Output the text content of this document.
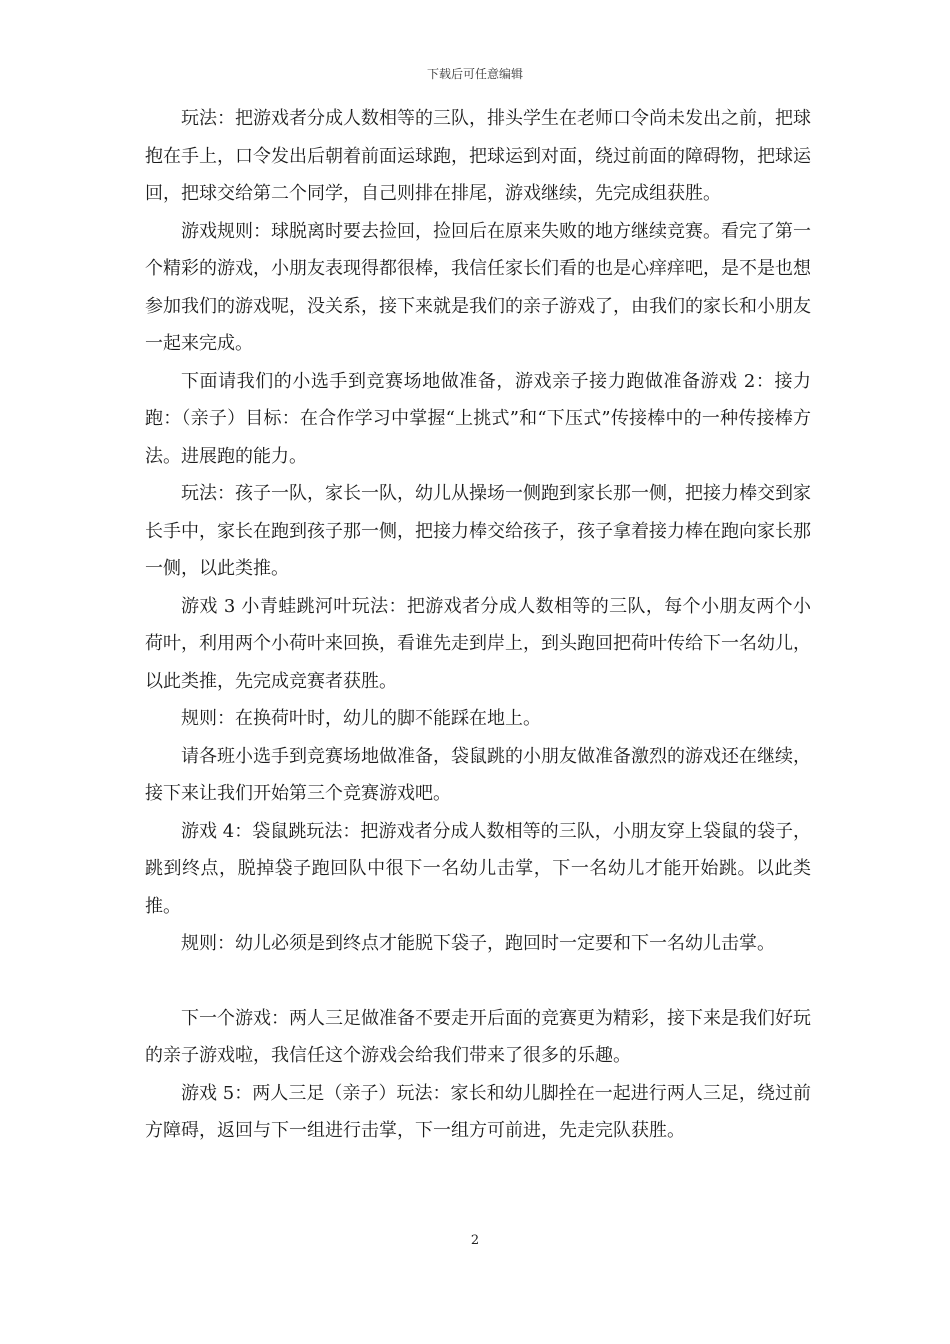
下载后可任意编辑

玩法：把游戏者分成人数相等的三队，排头学生在老师口令尚未发出之前，把球抱在手上，口令发出后朝着前面运球跑，把球运到对面，绕过前面的障碍物，把球运回，把球交给第二个同学，自己则排在排尾，游戏继续，先完成组获胜。

游戏规则：球脱离时要去捡回，捡回后在原来失败的地方继续竞赛。看完了第一个精彩的游戏，小朋友表现得都很棒，我信任家长们看的也是心痒痒吧，是不是也想参加我们的游戏呢，没关系，接下来就是我们的亲子游戏了，由我们的家长和小朋友一起来完成。

下面请我们的小选手到竞赛场地做准备，游戏亲子接力跑做准备游戏 2：接力跑：（亲子）目标：在合作学习中掌握“上挑式”和“下压式”传接棒中的一种传接棒方法。进展跑的能力。

玩法：孩子一队，家长一队，幼儿从操场一侧跑到家长那一侧，把接力棒交到家长手中，家长在跑到孩子那一侧，把接力棒交给孩子，孩子拿着接力棒在跑向家长那一侧，以此类推。

游戏 3 小青蛙跳河叶玩法：把游戏者分成人数相等的三队，每个小朋友两个小荷叶，利用两个小荷叶来回换，看谁先走到岸上，到头跑回把荷叶传给下一名幼儿，以此类推，先完成竞赛者获胜。

规则：在换荷叶时，幼儿的脚不能踩在地上。

请各班小选手到竞赛场地做准备，袋鼠跳的小朋友做准备激烈的游戏还在继续，接下来让我们开始第三个竞赛游戏吧。

游戏 4：袋鼠跳玩法：把游戏者分成人数相等的三队，小朋友穿上袋鼠的袋子，跳到终点，脱掉袋子跑回队中很下一名幼儿击掌，下一名幼儿才能开始跳。以此类推。

规则：幼儿必须是到终点才能脱下袋子，跑回时一定要和下一名幼儿击掌。

下一个游戏：两人三足做准备不要走开后面的竞赛更为精彩，接下来是我们好玩的亲子游戏啦，我信任这个游戏会给我们带来了很多的乐趣。

游戏 5：两人三足（亲子）玩法：家长和幼儿脚拴在一起进行两人三足，绕过前方障碍，返回与下一组进行击掌，下一组方可前进，先走完队获胜。

2
